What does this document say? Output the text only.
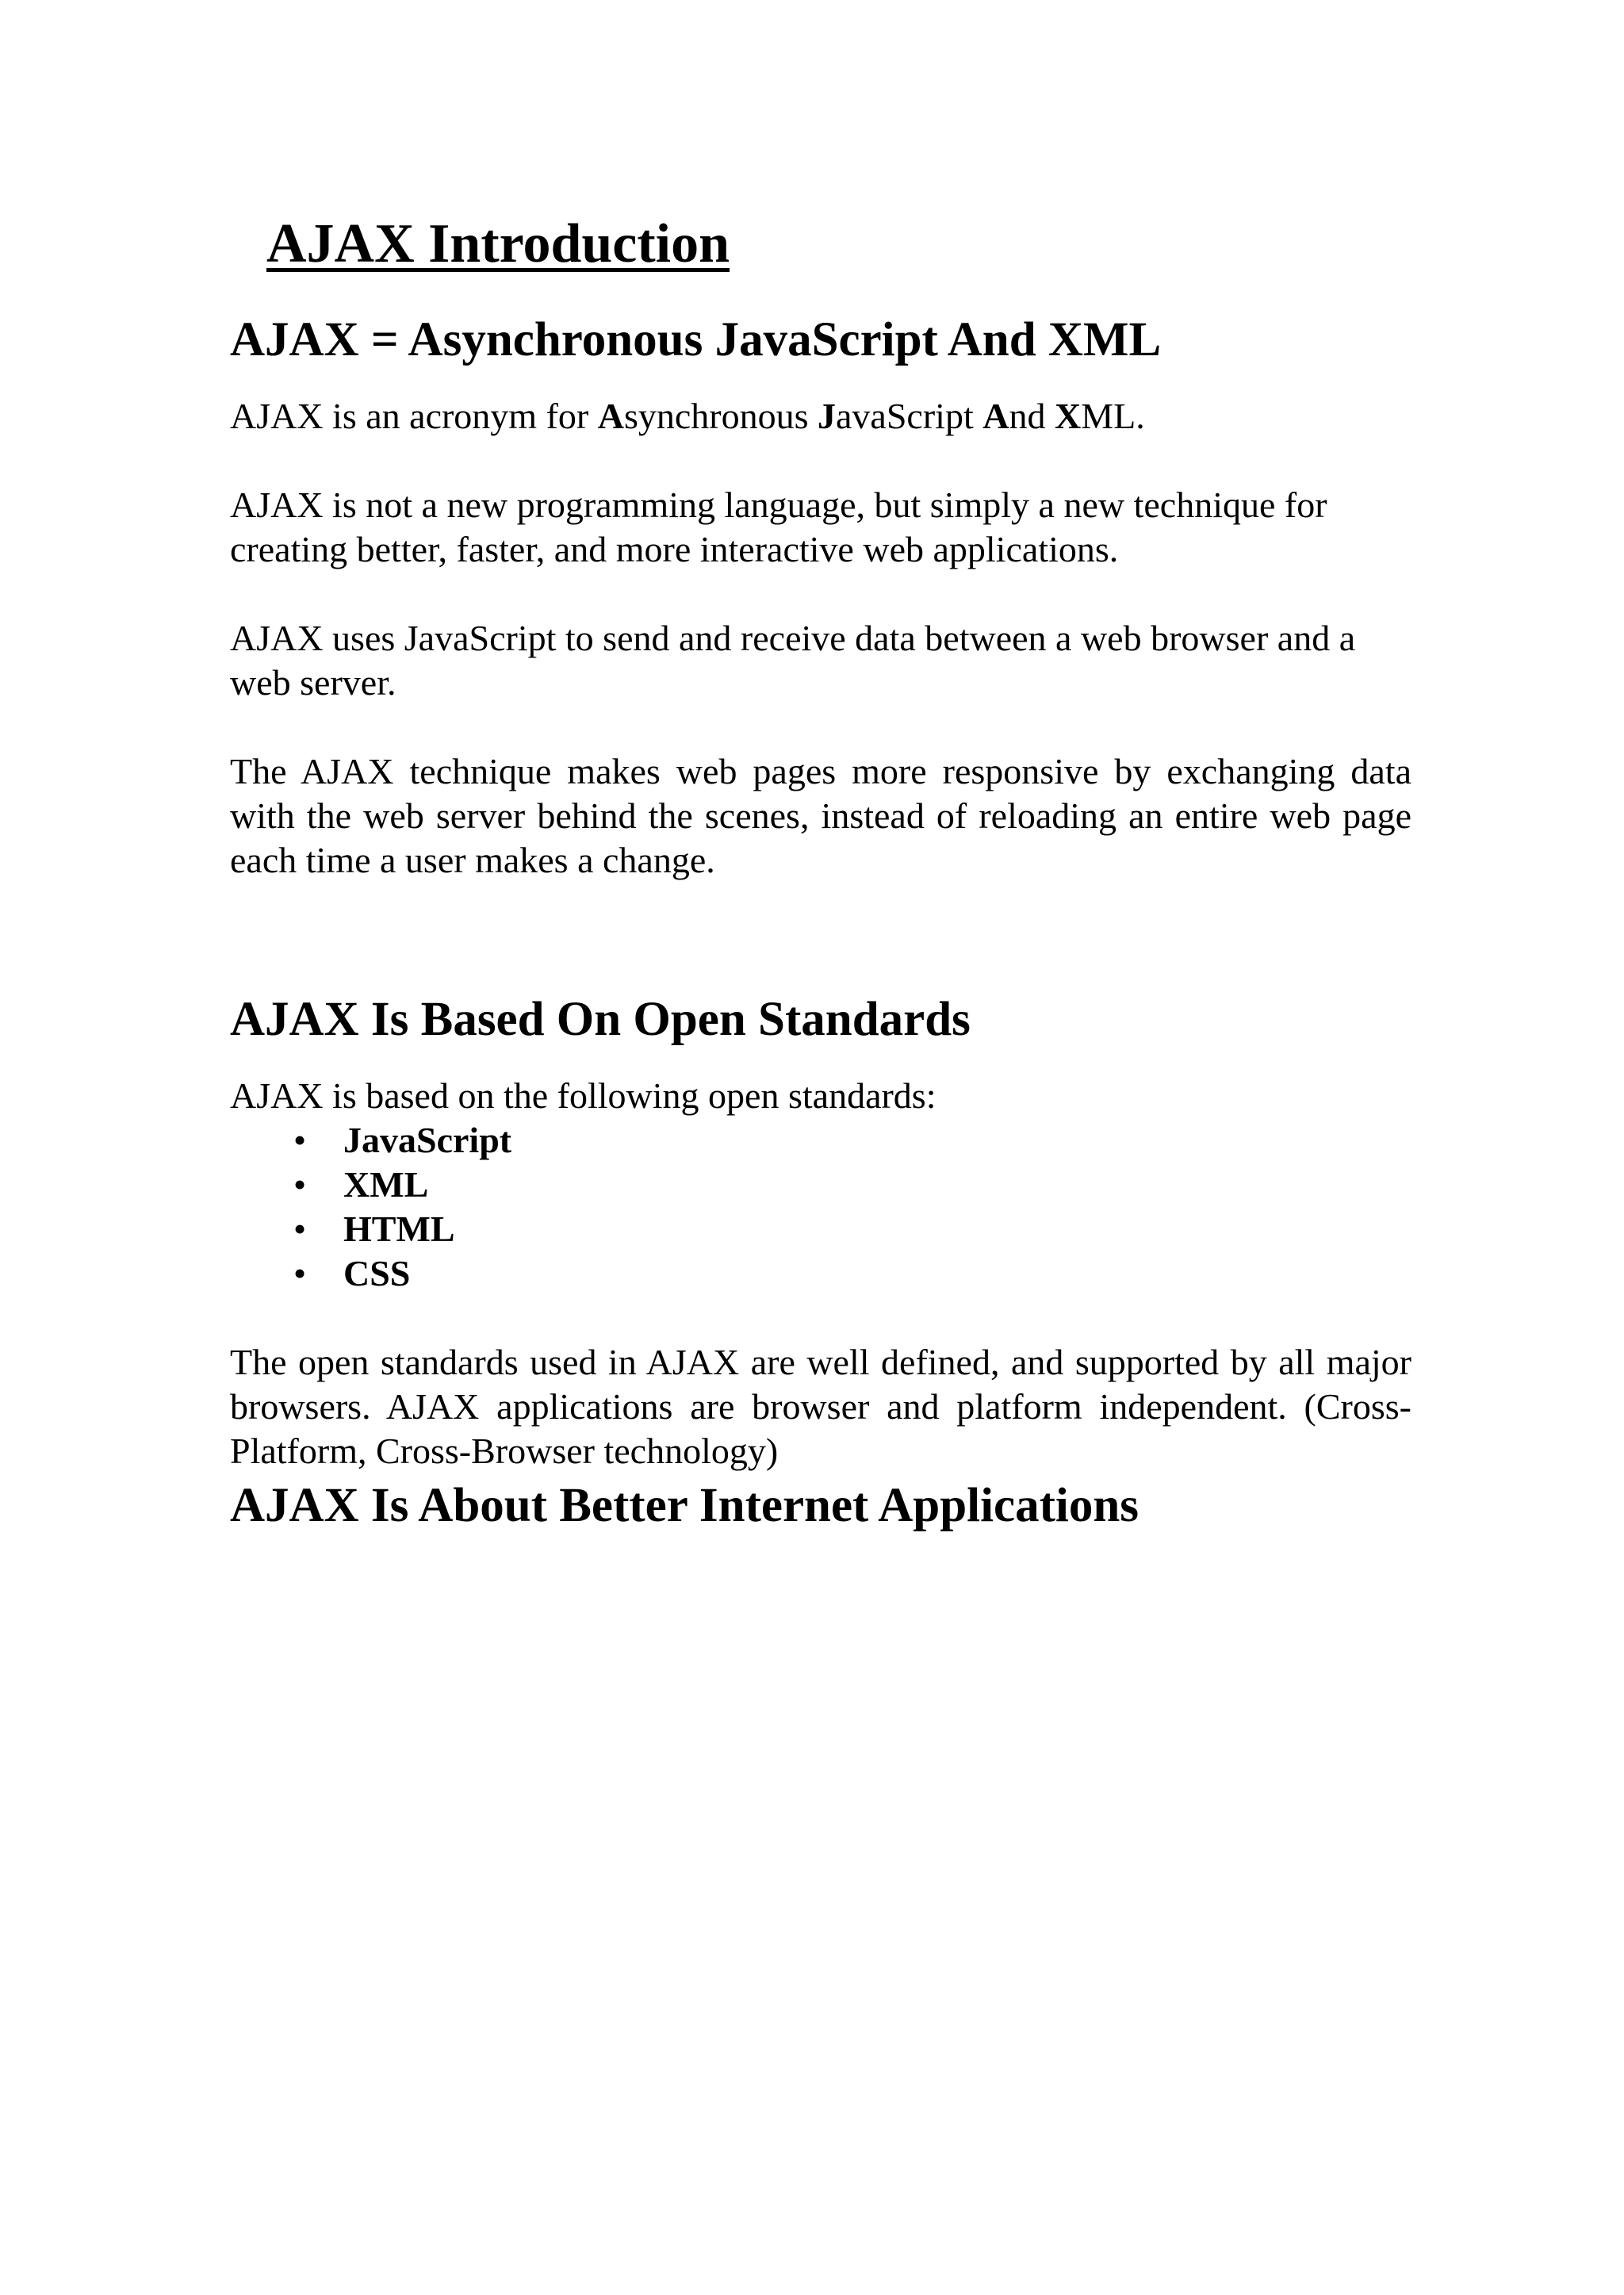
AJAX Introduction
AJAX = Asynchronous JavaScript And XML

AJAX is an acronym for Asynchronous JavaScript And XML.

AJAX is not a new programming language, but simply a new technique for creating better, faster, and more interactive web applications.

AJAX uses JavaScript to send and receive data between a web browser and a web server.

The AJAX technique makes web pages more responsive by exchanging data with the web server behind the scenes, instead of reloading an entire web page each time a user makes a change.

AJAX Is Based On Open Standards

AJAX is based on the following open standards:

• JavaScript
• XML
• HTML
• CSS

The open standards used in AJAX are well defined, and supported by all major browsers. AJAX applications are browser and platform independent. (Cross-Platform, Cross-Browser technology)

AJAX Is About Better Internet Applications
